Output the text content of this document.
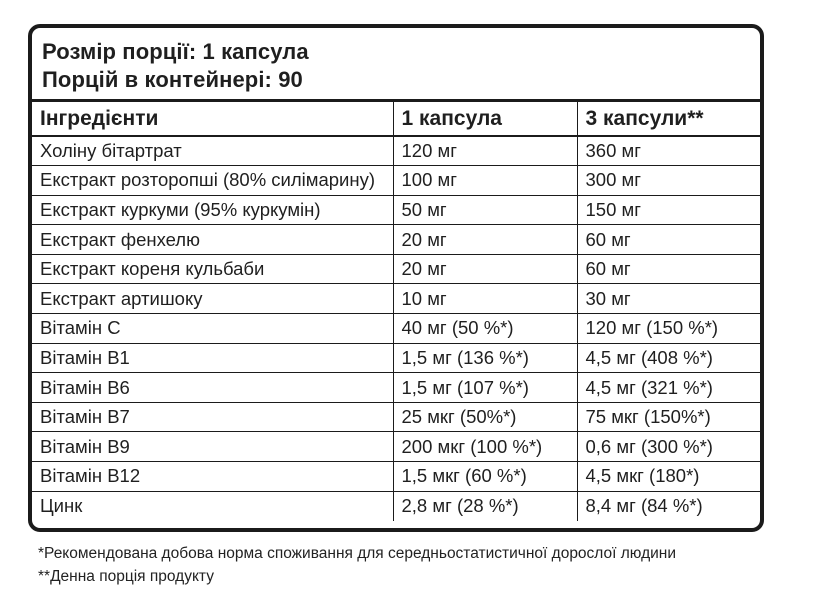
Розмір порції: 1 капсула
Порцій в контейнері: 90
Інгредієнти	1 капсула	3 капсули**
Холіну бітартрат	120 мг	360 мг
Екстракт розторопші (80% силімарину)	100 мг	300 мг
Екстракт куркуми (95% куркумін)	50 мг	150 мг
Екстракт фенхелю	20 мг	60 мг
Екстракт кореня кульбаби	20 мг	60 мг
Екстракт артишоку	10 мг	30 мг
Вітамін С	40 мг (50 %*)	120 мг (150 %*)
Вітамін В1	1,5 мг (136 %*)	4,5 мг (408 %*)
Вітамін В6	1,5 мг (107 %*)	4,5 мг (321 %*)
Вітамін В7	25 мкг (50%*)	75 мкг (150%*)
Вітамін В9	200 мкг (100 %*)	0,6 мг (300 %*)
Вітамін В12	1,5 мкг (60 %*)	4,5 мкг (180*)
Цинк	2,8 мг (28 %*)	8,4 мг (84 %*)
*Рекомендована добова норма споживання для середньостатистичної дорослої людини
**Денна порція продукту
